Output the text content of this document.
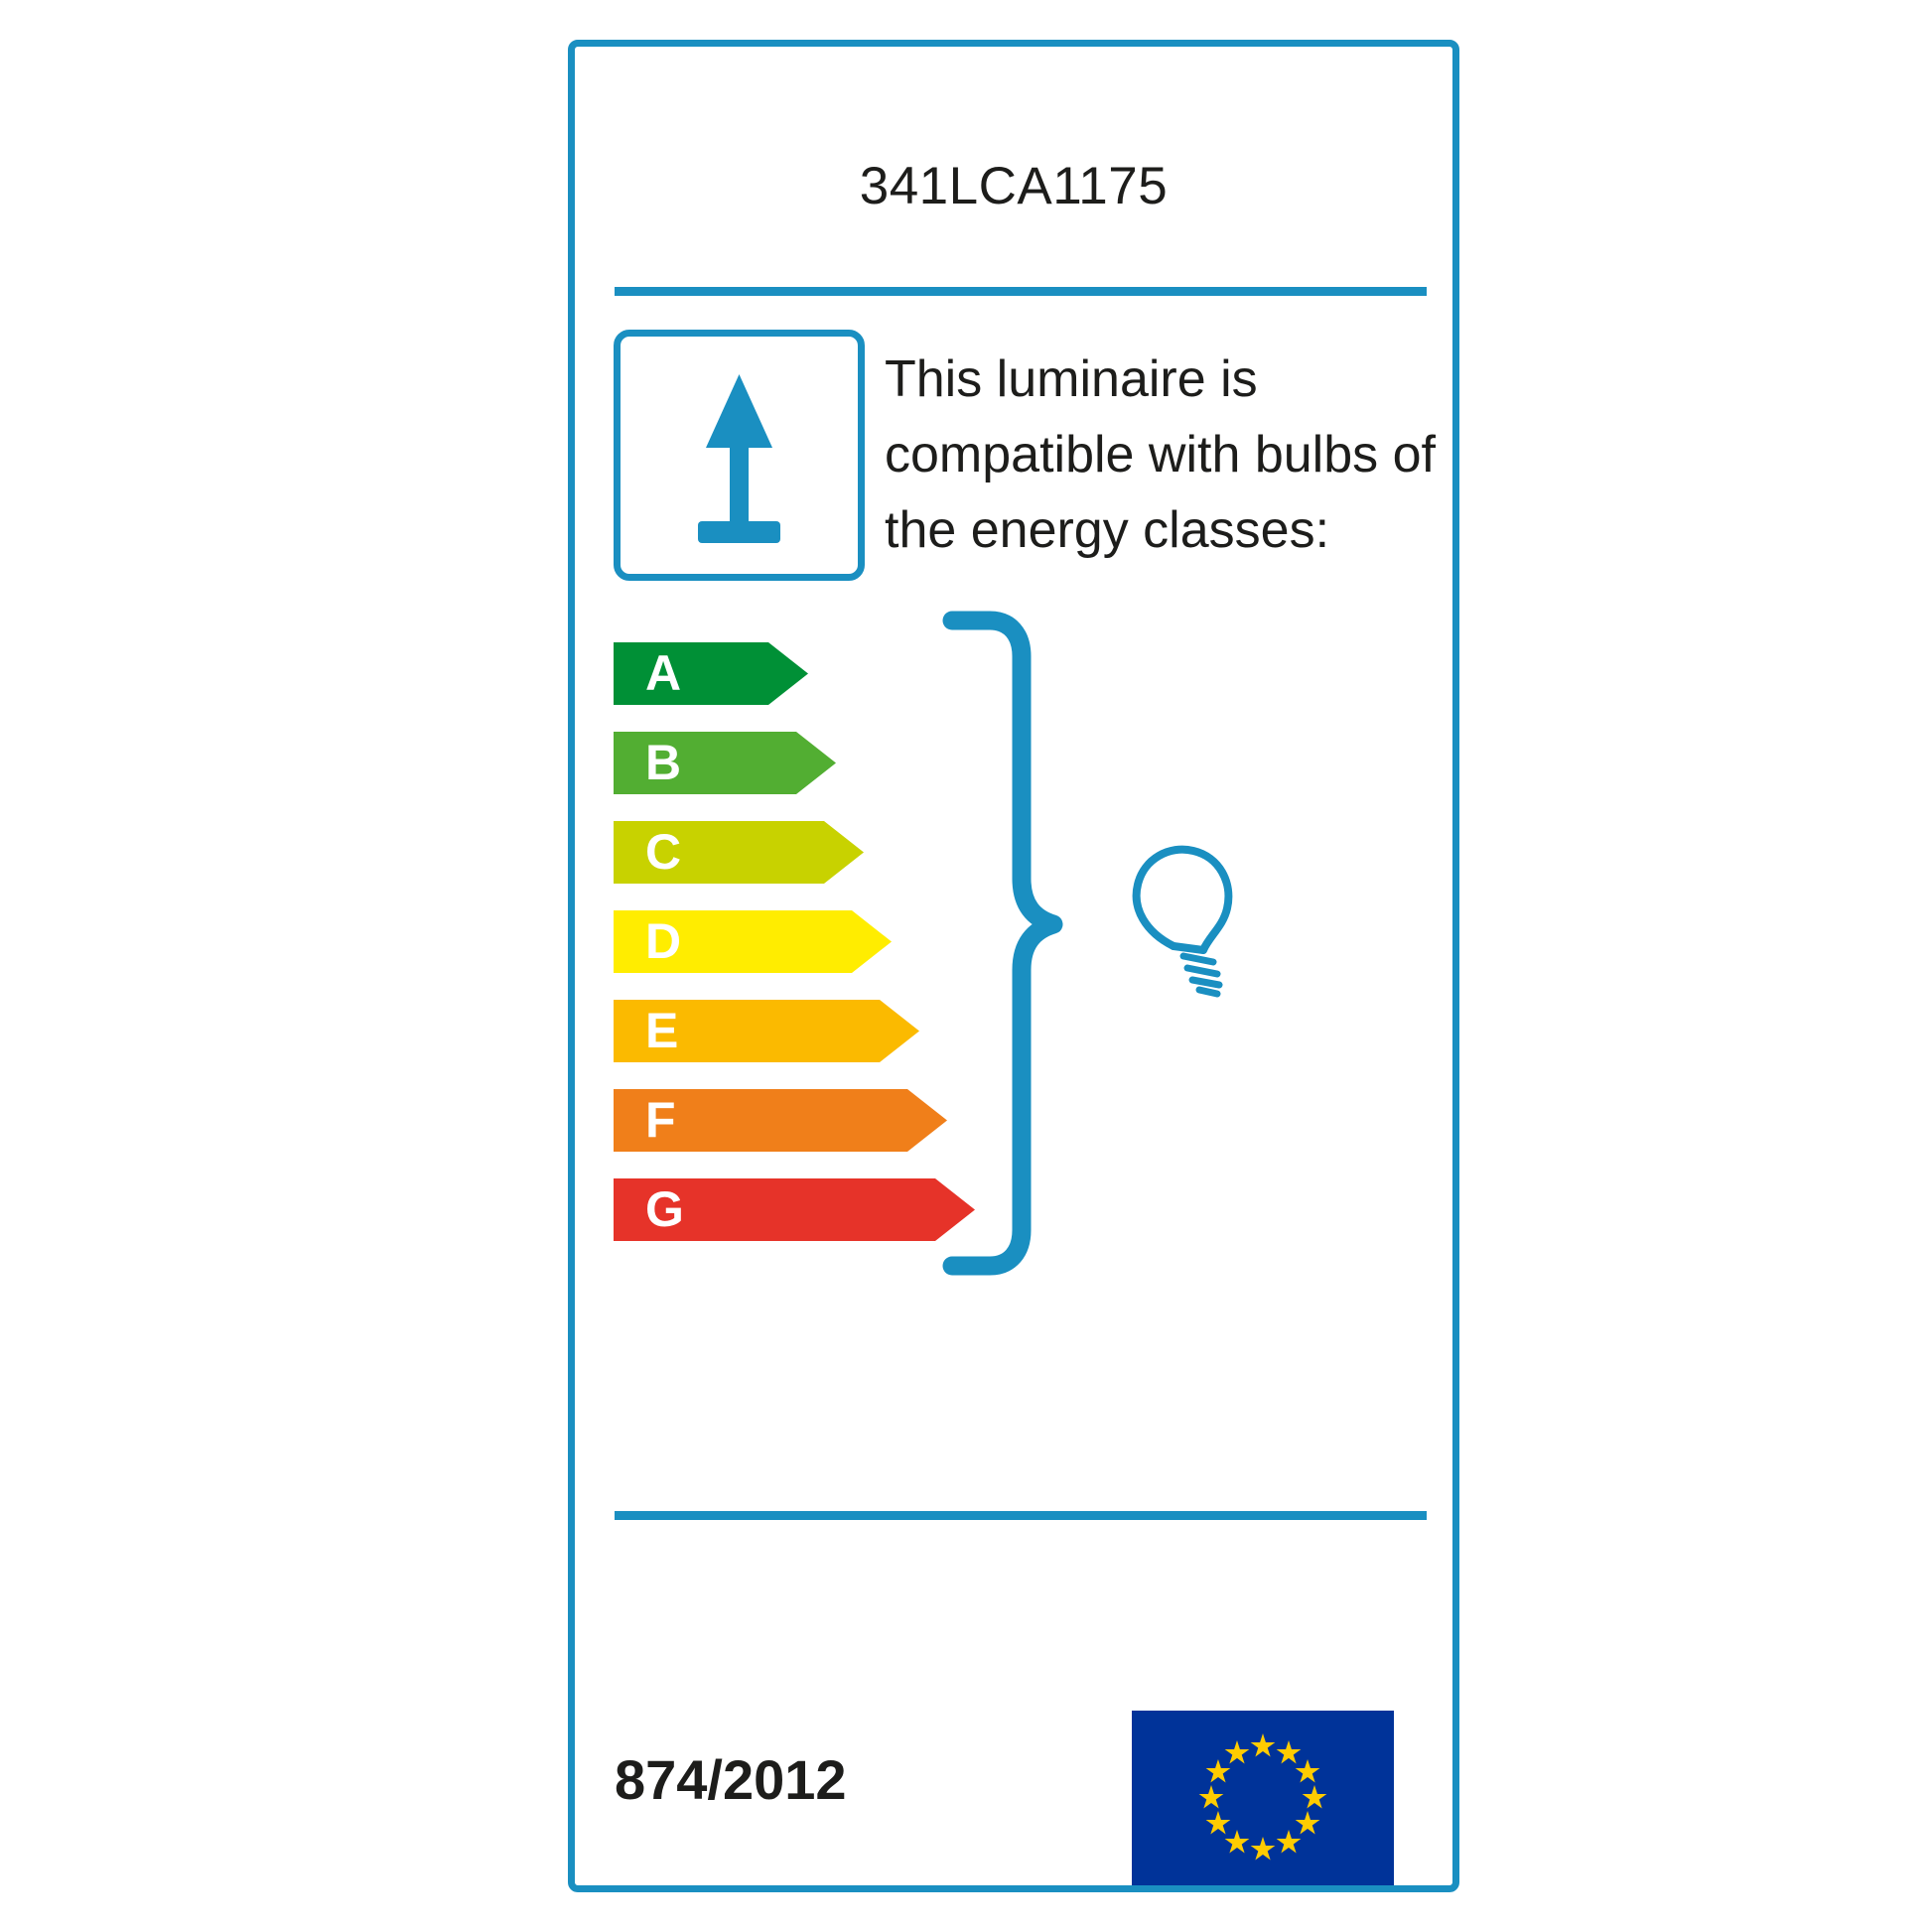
341LCA1175
This luminaire is compatible with bulbs of the energy classes:
A
B
C
D
E
F
G
874/2012
